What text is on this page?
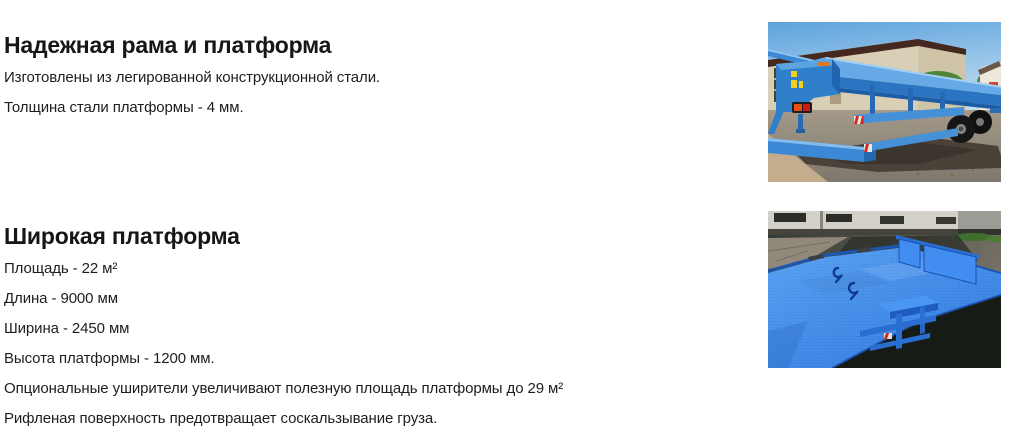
Надежная рама и платформа

Изготовлены из легированной конструкционной стали.

Толщина стали платформы - 4 мм.

Широкая платформа

Площадь - 22 м²

Длина - 9000 мм

Ширина - 2450 мм

Высота платформы - 1200 мм.

Опциональные уширители увеличивают полезную площадь платформы до 29 м²

Рифленая поверхность предотвращает соскальзывание груза.
